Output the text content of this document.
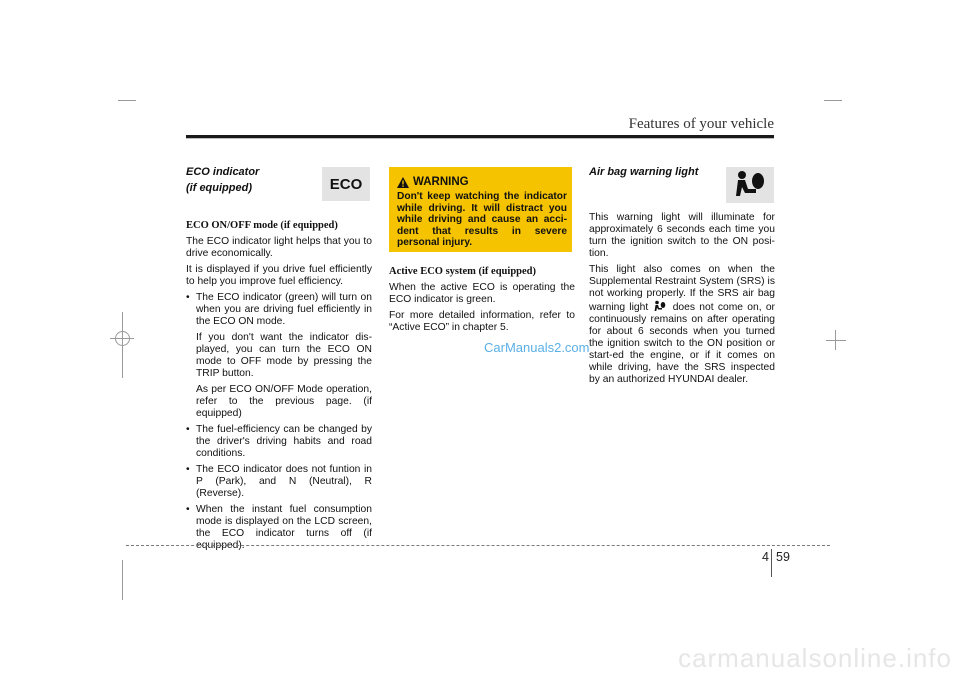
Features of your vehicle
ECO

ECO indicator

(if equipped)

ECO ON/OFF mode (if equipped)

The ECO indicator light helps that you to drive economically.

It is displayed if you drive fuel efficiently to help you improve fuel efficiency.

• The ECO indicator (green) will turn on when you are driving fuel efficiently in the ECO ON mode.

If you don't want the indicator dis-played, you can turn the ECO ON mode to OFF mode by pressing the TRIP button.

As per ECO ON/OFF Mode operation, refer to the previous page. (if equipped)

• The fuel-efficiency can be changed by the driver's driving habits and road conditions.
• The ECO indicator does not funtion in P (Park), and N (Neutral), R (Reverse).
• When the instant fuel consumption mode is displayed on the LCD screen, the ECO indicator turns off (if equipped).
WARNING
Don't keep watching the indicator while driving. It will distract you while driving and cause an acci-dent that results in severe personal injury.

Active ECO system (if equipped)

When the active ECO is operating the ECO indicator is green.

For more detailed information, refer to “Active ECO” in chapter 5.

CarManuals2.com

Air bag warning light

This warning light will illuminate for approximately 6 seconds each time you turn the ignition switch to the ON posi-tion.

This light also comes on when the Supplemental Restraint System (SRS) is not working properly. If the SRS air bag warning light does not come on, or continuously remains on after operating for about 6 seconds when you turned the ignition switch to the ON position or start-ed the engine, or if it comes on while driving, have the SRS inspected by an authorized HYUNDAI dealer.

4 59
carmanualsonline.info
